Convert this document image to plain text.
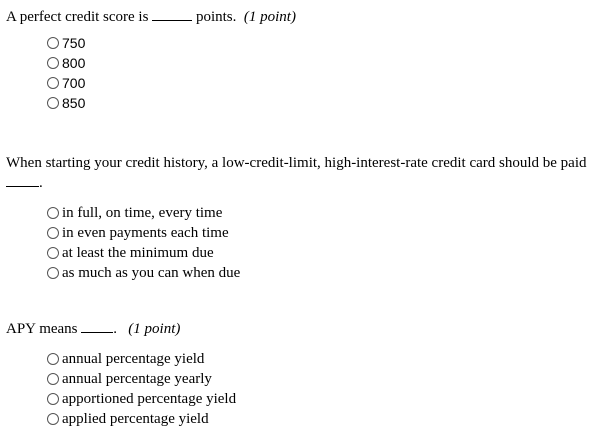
A perfect credit score is	points. (1 point)

750
800
700
850

When starting your credit history, a low-credit-limit, high-interest-rate credit card should be paid .

in full, on time, every time
in even payments each time
at least the minimum due
as much as you can when due

APY means . (1 point)

annual percentage yield
annual percentage yearly
apportioned percentage yield
applied percentage yield
